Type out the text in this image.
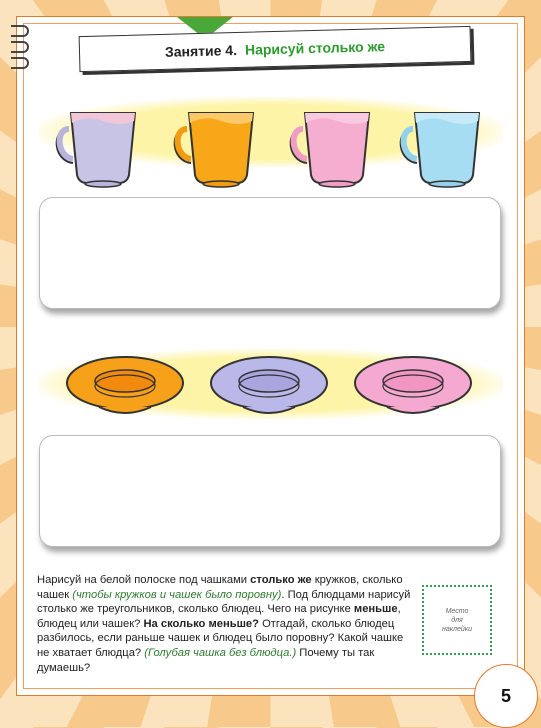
Занятие 4. Нарисуй столько же
Нарисуй на белой полоске под чашками столько же кружков, сколько чашек (чтобы кружков и чашек было поровну). Под блюдцами нарисуй столько же треугольников, сколько блюдец. Чего на рисунке меньше, блюдец или чашек? На сколько меньше? Отгадай, сколько блюдец разбилось, если раньше чашек и блюдец было поровну? Какой чашке не хватает блюдца? (Голубая чашка без блюдца.) Почему ты так думаешь?
Место
для
наклейки
5
